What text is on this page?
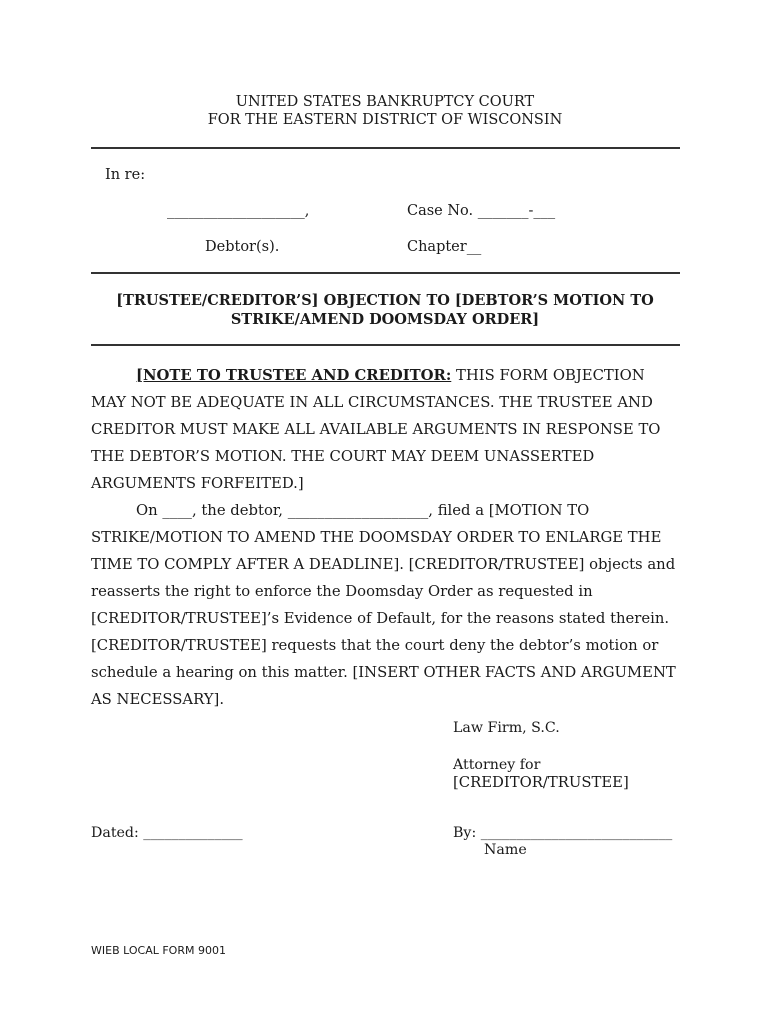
UNITED STATES BANKRUPTCY COURT
FOR THE EASTERN DISTRICT OF WISCONSIN
In re:
___________________,	Case No. _______-___
Debtor(s).	Chapter__
[TRUSTEE/CREDITOR’S] OBJECTION TO [DEBTOR’S MOTION TO
STRIKE/AMEND DOOMSDAY ORDER]

[NOTE TO TRUSTEE AND CREDITOR: THIS FORM OBJECTION MAY NOT BE ADEQUATE IN ALL CIRCUMSTANCES. THE TRUSTEE AND CREDITOR MUST MAKE ALL AVAILABLE ARGUMENTS IN RESPONSE TO THE DEBTOR’S MOTION. THE COURT MAY DEEM UNASSERTED ARGUMENTS FORFEITED.]

On ____, the debtor, ___________________, filed a [MOTION TO STRIKE/MOTION TO AMEND THE DOOMSDAY ORDER TO ENLARGE THE TIME TO COMPLY AFTER A DEADLINE]. [CREDITOR/TRUSTEE] objects and reasserts the right to enforce the Doomsday Order as requested in [CREDITOR/TRUSTEE]’s Evidence of Default, for the reasons stated therein. [CREDITOR/TRUSTEE] requests that the court deny the debtor’s motion or schedule a hearing on this matter. [INSERT OTHER FACTS AND ARGUMENT AS NECESSARY].

Law Firm, S.C.
Attorney for
[CREDITOR/TRUSTEE]
Dated: ______________	By: ___________________________
Name
WIEB LOCAL FORM 9001
